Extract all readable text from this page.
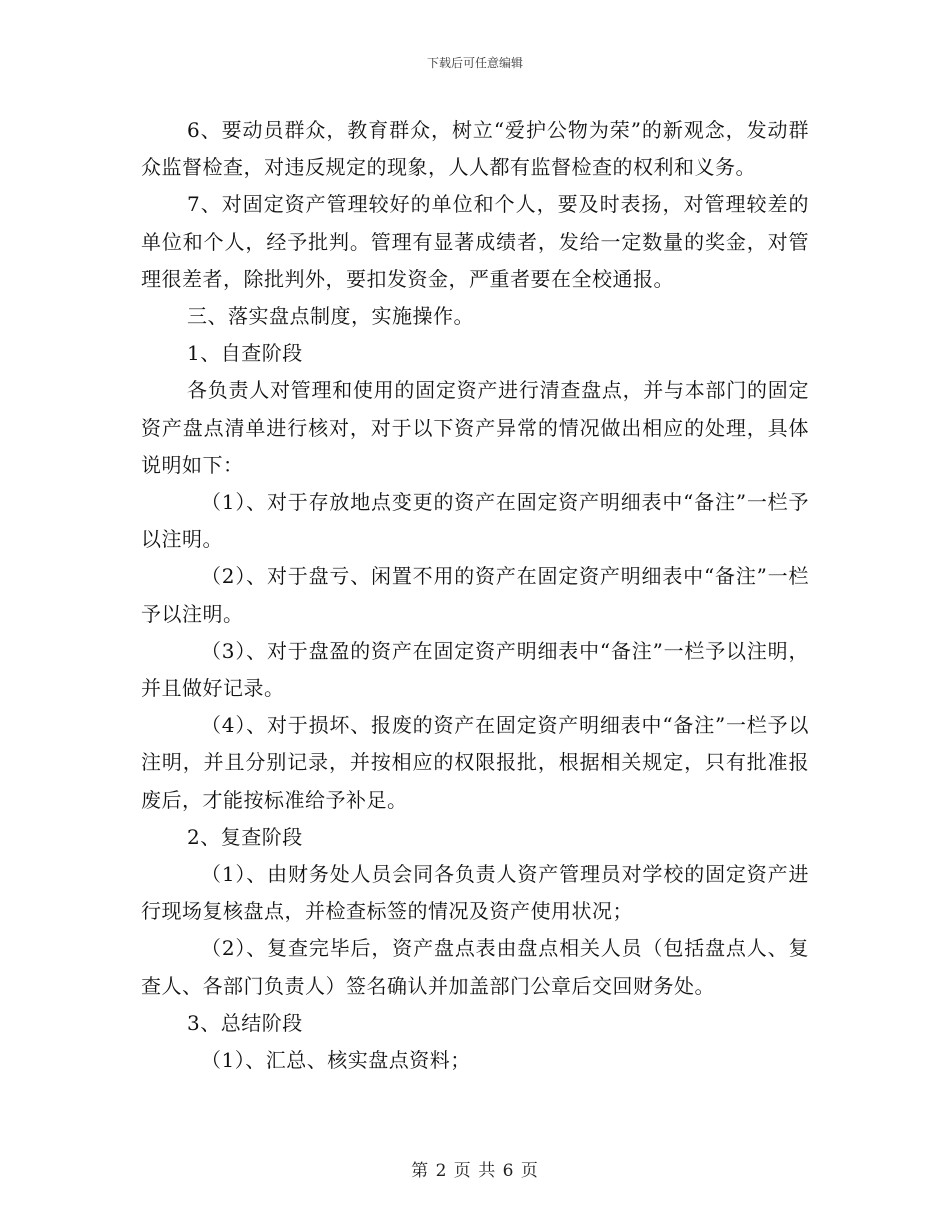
下载后可任意编辑

6、要动员群众，教育群众，树立“爱护公物为荣”的新观念，发动群众监督检查，对违反规定的现象，人人都有监督检查的权利和义务。

7、对固定资产管理较好的单位和个人，要及时表扬，对管理较差的单位和个人，经予批判。管理有显著成绩者，发给一定数量的奖金，对管理很差者，除批判外，要扣发资金，严重者要在全校通报。

三、落实盘点制度，实施操作。

1、自查阶段

各负责人对管理和使用的固定资产进行清查盘点，并与本部门的固定资产盘点清单进行核对，对于以下资产异常的情况做出相应的处理，具体说明如下：

（1）、对于存放地点变更的资产在固定资产明细表中“备注”一栏予以注明。

（2）、对于盘亏、闲置不用的资产在固定资产明细表中“备注”一栏予以注明。

（3）、对于盘盈的资产在固定资产明细表中“备注”一栏予以注明，并且做好记录。

（4）、对于损坏、报废的资产在固定资产明细表中“备注”一栏予以注明，并且分别记录，并按相应的权限报批，根据相关规定，只有批准报废后，才能按标准给予补足。

2、复查阶段

（1）、由财务处人员会同各负责人资产管理员对学校的固定资产进行现场复核盘点，并检查标签的情况及资产使用状况；

（2）、复查完毕后，资产盘点表由盘点相关人员（包括盘点人、复查人、各部门负责人）签名确认并加盖部门公章后交回财务处。

3、总结阶段

（1）、汇总、核实盘点资料；

第 2 页 共 6 页
